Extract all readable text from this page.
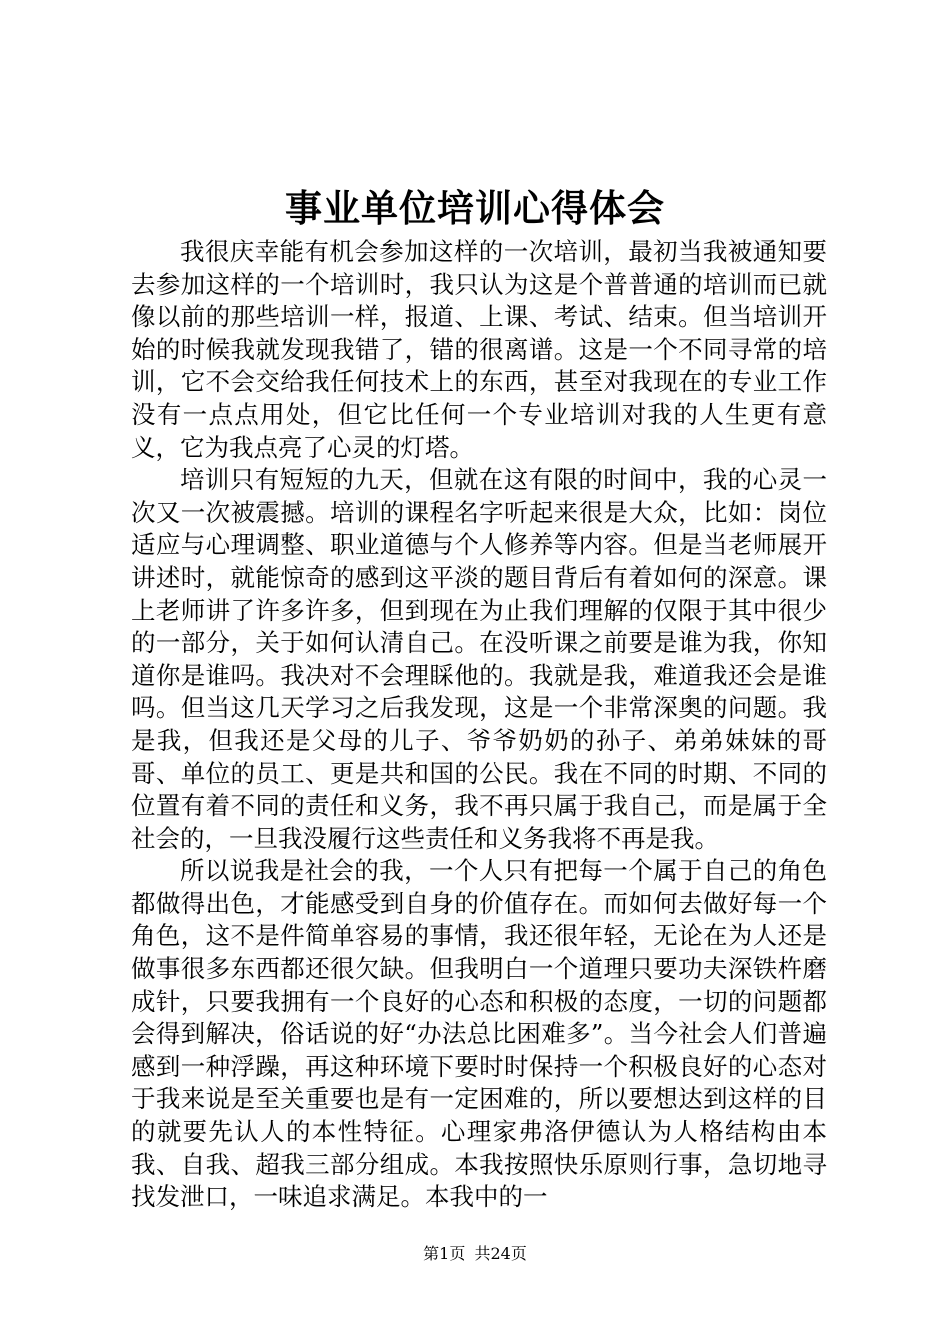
事业单位培训心得体会

我很庆幸能有机会参加这样的一次培训，最初当我被通知要去参加这样的一个培训时，我只认为这是个普普通的培训而已就像以前的那些培训一样，报道、上课、考试、结束。但当培训开始的时候我就发现我错了，错的很离谱。这是一个不同寻常的培训，它不会交给我任何技术上的东西，甚至对我现在的专业工作没有一点点用处，但它比任何一个专业培训对我的人生更有意义，它为我点亮了心灵的灯塔。

培训只有短短的九天，但就在这有限的时间中，我的心灵一次又一次被震撼。培训的课程名字听起来很是大众，比如：岗位适应与心理调整、职业道德与个人修养等内容。但是当老师展开讲述时，就能惊奇的感到这平淡的题目背后有着如何的深意。课上老师讲了许多许多，但到现在为止我们理解的仅限于其中很少的一部分，关于如何认清自己。在没听课之前要是谁为我，你知道你是谁吗。我决对不会理睬他的。我就是我，难道我还会是谁吗。但当这几天学习之后我发现，这是一个非常深奥的问题。我是我，但我还是父母的儿子、爷爷奶奶的孙子、弟弟妹妹的哥哥、单位的员工、更是共和国的公民。我在不同的时期、不同的位置有着不同的责任和义务，我不再只属于我自己，而是属于全社会的，一旦我没履行这些责任和义务我将不再是我。

所以说我是社会的我，一个人只有把每一个属于自己的角色都做得出色，才能感受到自身的价值存在。而如何去做好每一个角色，这不是件简单容易的事情，我还很年轻，无论在为人还是做事很多东西都还很欠缺。但我明白一个道理只要功夫深铁杵磨成针，只要我拥有一个良好的心态和积极的态度，一切的问题都会得到解决，俗话说的好“办法总比困难多”。当今社会人们普遍感到一种浮躁，再这种环境下要时时保持一个积极良好的心态对于我来说是至关重要也是有一定困难的，所以要想达到这样的目的就要先认人的本性特征。心理家弗洛伊德认为人格结构由本我、自我、超我三部分组成。本我按照快乐原则行事，急切地寻找发泄口，一味追求满足。本我中的一

第1页 共24页
